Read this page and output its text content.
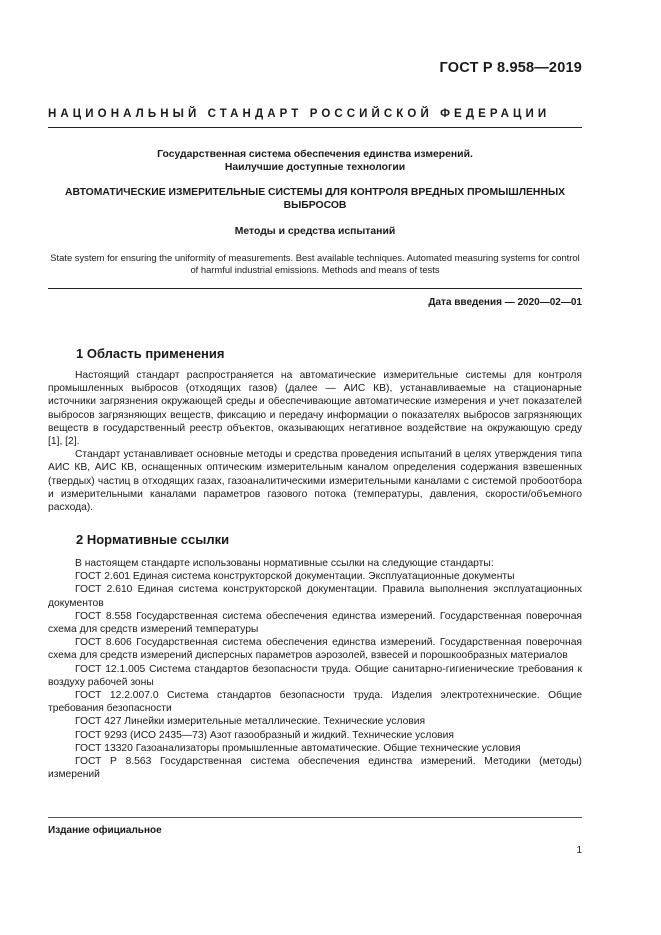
ГОСТ Р 8.958—2019
НАЦИОНАЛЬНЫЙ СТАНДАРТ РОССИЙСКОЙ ФЕДЕРАЦИИ
Государственная система обеспечения единства измерений.
Наилучшие доступные технологии
АВТОМАТИЧЕСКИЕ ИЗМЕРИТЕЛЬНЫЕ СИСТЕМЫ ДЛЯ КОНТРОЛЯ ВРЕДНЫХ ПРОМЫШЛЕННЫХ ВЫБРОСОВ
Методы и средства испытаний
State system for ensuring the uniformity of measurements. Best available techniques. Automated measuring systems for control of harmful industrial emissions. Methods and means of tests
Дата введения — 2020—02—01
1 Область применения

Настоящий стандарт распространяется на автоматические измерительные системы для контроля промышленных выбросов (отходящих газов) (далее — АИС КВ), устанавливаемые на стационарные источники загрязнения окружающей среды и обеспечивающие автоматические измерения и учет показателей выбросов загрязняющих веществ, фиксацию и передачу информации о показателях выбросов загрязняющих веществ в государственный реестр объектов, оказывающих негативное воздействие на окружающую среду [1], [2].

Стандарт устанавливает основные методы и средства проведения испытаний в целях утверждения типа АИС КВ, АИС КВ, оснащенных оптическим измерительным каналом определения содержания взвешенных (твердых) частиц в отходящих газах, газоаналитическими измерительными каналами с системой пробоотбора и измерительными каналами параметров газового потока (температуры, давления, скорости/объемного расхода).

2 Нормативные ссылки

В настоящем стандарте использованы нормативные ссылки на следующие стандарты:

ГОСТ 2.601 Единая система конструкторской документации. Эксплуатационные документы

ГОСТ 2.610 Единая система конструкторской документации. Правила выполнения эксплуатационных документов

ГОСТ 8.558 Государственная система обеспечения единства измерений. Государственная поверочная схема для средств измерений температуры

ГОСТ 8.606 Государственная система обеспечения единства измерений. Государственная поверочная схема для средств измерений дисперсных параметров аэрозолей, взвесей и порошкообразных материалов

ГОСТ 12.1.005 Система стандартов безопасности труда. Общие санитарно-гигиенические требования к воздуху рабочей зоны

ГОСТ 12.2.007.0 Система стандартов безопасности труда. Изделия электротехнические. Общие требования безопасности

ГОСТ 427 Линейки измерительные металлические. Технические условия

ГОСТ 9293 (ИСО 2435—73) Азот газообразный и жидкий. Технические условия

ГОСТ 13320 Газоанализаторы промышленные автоматические. Общие технические условия

ГОСТ Р 8.563 Государственная система обеспечения единства измерений. Методики (методы) измерений

Издание официальное
1
